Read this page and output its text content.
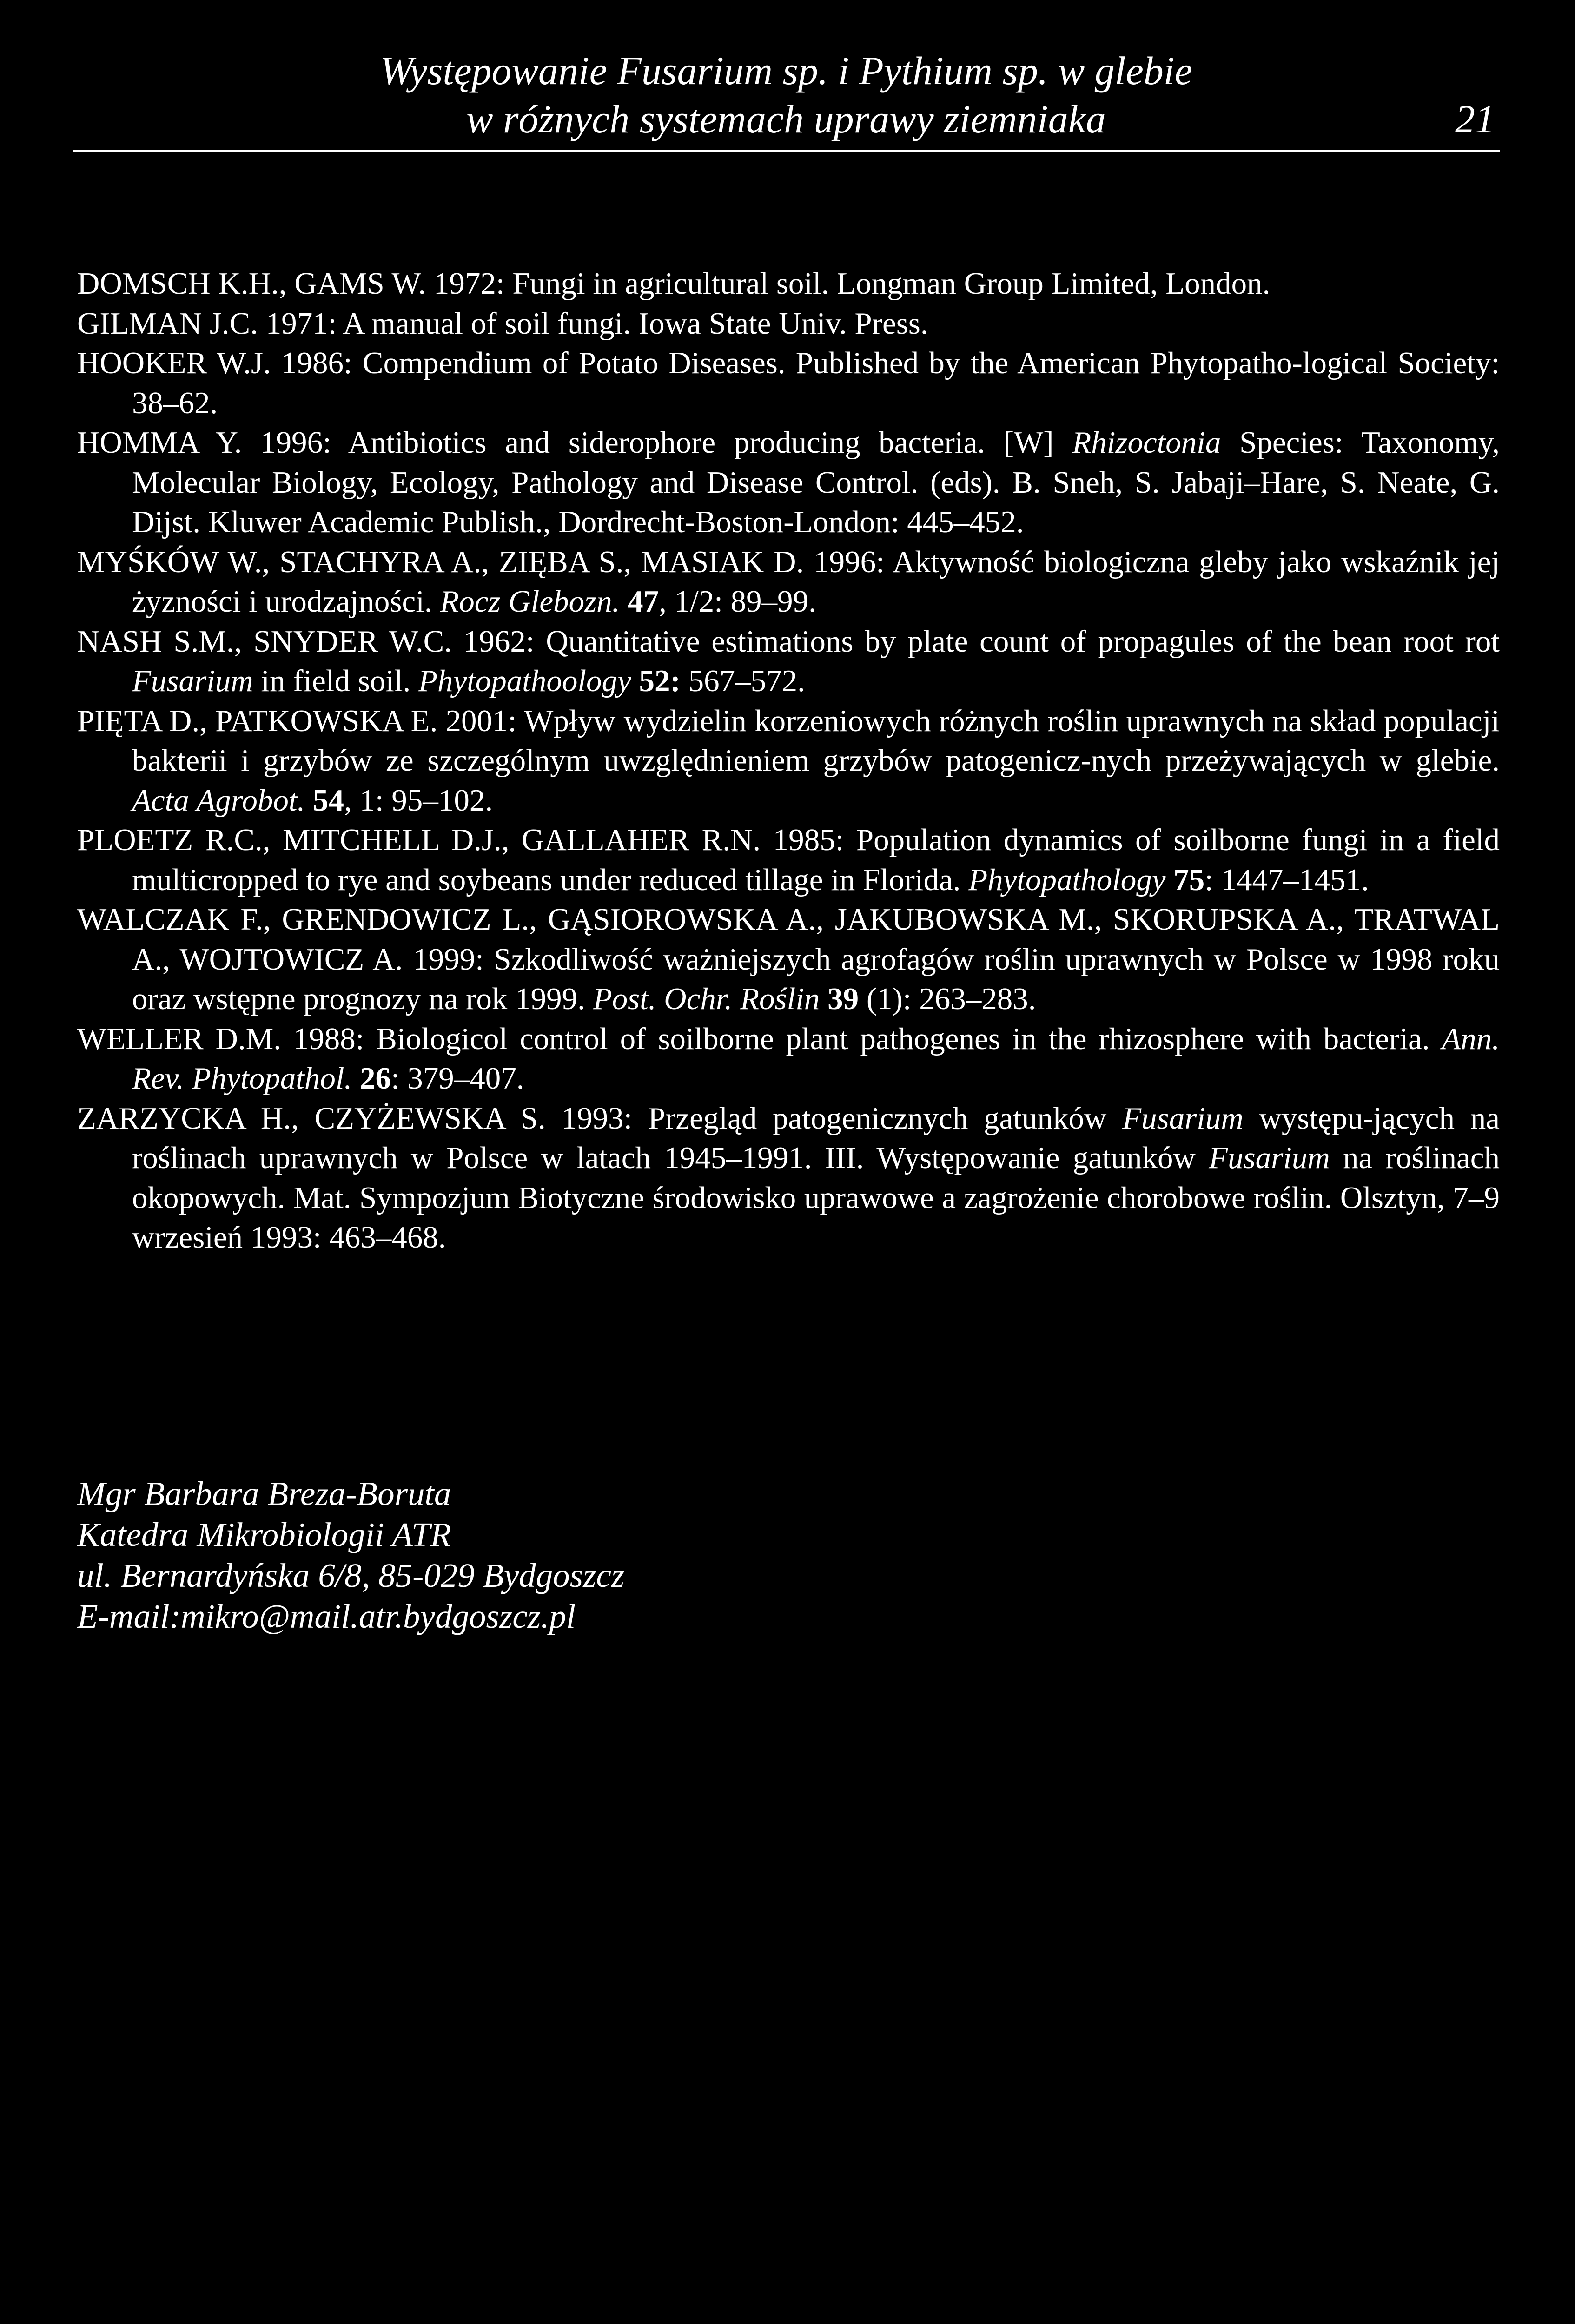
Występowanie Fusarium sp. i Pythium sp. w glebie
w różnych systemach uprawy ziemniaka	21

DOMSCH K.H., GAMS W. 1972: Fungi in agricultural soil. Longman Group Limited, London.

GILMAN J.C. 1971: A manual of soil fungi. Iowa State Univ. Press.

HOOKER W.J. 1986: Compendium of Potato Diseases. Published by the American Phytopatho-logical Society: 38–62.

HOMMA Y. 1996: Antibiotics and siderophore producing bacteria. [W] Rhizoctonia Species: Taxonomy, Molecular Biology, Ecology, Pathology and Disease Control. (eds). B. Sneh, S. Jabaji–Hare, S. Neate, G. Dijst. Kluwer Academic Publish., Dordrecht-Boston-London: 445–452.

MYŚKÓW W., STACHYRA A., ZIĘBA S., MASIAK D. 1996: Aktywność biologiczna gleby jako wskaźnik jej żyzności i urodzajności. Rocz Glebozn. 47, 1/2: 89–99.

NASH S.M., SNYDER W.C. 1962: Quantitative estimations by plate count of propagules of the bean root rot Fusarium in field soil. Phytopathoology 52: 567–572.

PIĘTA D., PATKOWSKA E. 2001: Wpływ wydzielin korzeniowych różnych roślin uprawnych na skład populacji bakterii i grzybów ze szczególnym uwzględnieniem grzybów patogenicz-nych przeżywających w glebie. Acta Agrobot. 54, 1: 95–102.

PLOETZ R.C., MITCHELL D.J., GALLAHER R.N. 1985: Population dynamics of soilborne fungi in a field multicropped to rye and soybeans under reduced tillage in Florida. Phytopathology 75: 1447–1451.

WALCZAK F., GRENDOWICZ L., GĄSIOROWSKA A., JAKUBOWSKA M., SKORUPSKA A., TRATWAL A., WOJTOWICZ A. 1999: Szkodliwość ważniejszych agrofagów roślin uprawnych w Polsce w 1998 roku oraz wstępne prognozy na rok 1999. Post. Ochr. Roślin 39 (1): 263–283.

WELLER D.M. 1988: Biologicol control of soilborne plant pathogenes in the rhizosphere with bacteria. Ann. Rev. Phytopathol. 26: 379–407.

ZARZYCKA H., CZYŻEWSKA S. 1993: Przegląd patogenicznych gatunków Fusarium występu-jących na roślinach uprawnych w Polsce w latach 1945–1991. III. Występowanie gatunków Fusarium na roślinach okopowych. Mat. Sympozjum Biotyczne środowisko uprawowe a zagrożenie chorobowe roślin. Olsztyn, 7–9 wrzesień 1993: 463–468.

Mgr Barbara Breza-Boruta
Katedra Mikrobiologii ATR
ul. Bernardyńska 6/8, 85-029 Bydgoszcz
E-mail:mikro@mail.atr.bydgoszcz.pl
